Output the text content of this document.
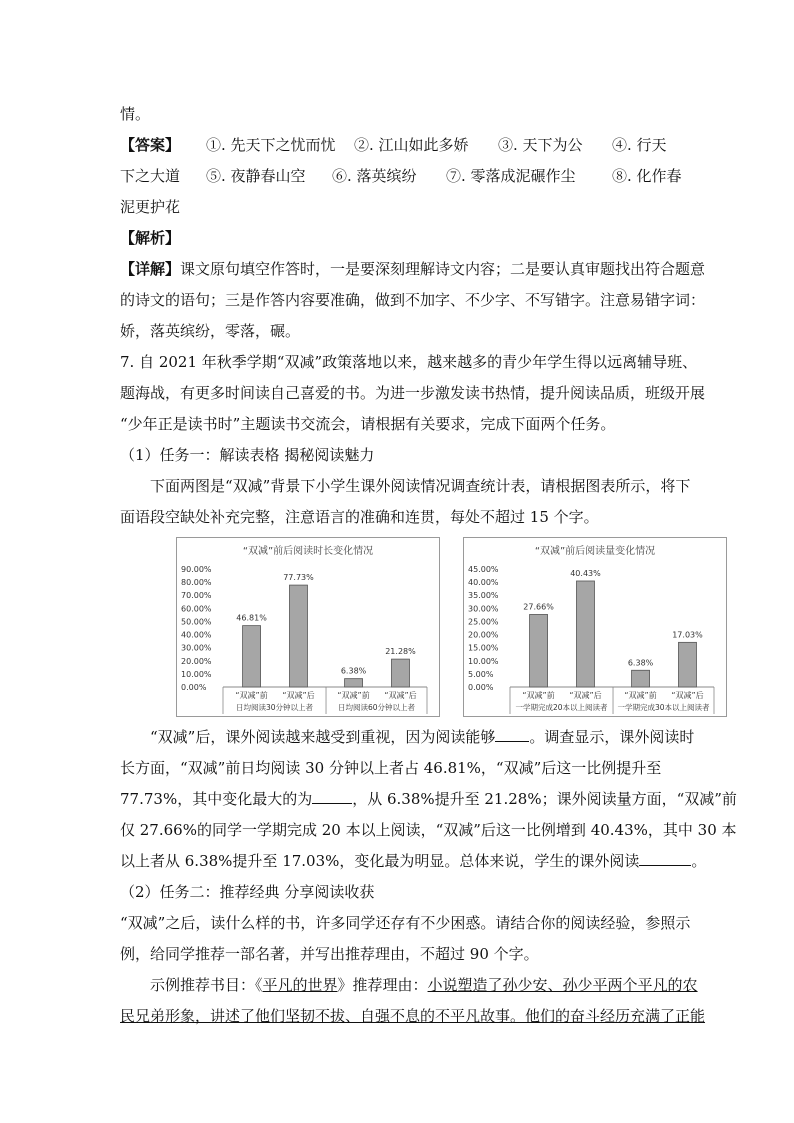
情。
【答案】 ①. 先天下之忧而忧 ②. 江山如此多娇 ③. 天下为公 ④. 行天
下之大道 ⑤. 夜静春山空 ⑥. 落英缤纷 ⑦. 零落成泥碾作尘 ⑧. 化作春
泥更护花
【解析】
【详解】课文原句填空作答时，一是要深刻理解诗文内容；二是要认真审题找出符合题意
的诗文的语句；三是作答内容要准确，做到不加字、不少字、不写错字。注意易错字词：
娇，落英缤纷，零落，碾。
7. 自 2021 年秋季学期“双减”政策落地以来，越来越多的青少年学生得以远离辅导班、
题海战，有更多时间读自己喜爱的书。为进一步激发读书热情，提升阅读品质，班级开展
“少年正是读书时”主题读书交流会，请根据有关要求，完成下面两个任务。
（1）任务一：解读表格 揭秘阅读魅力
下面两图是“双减”背景下小学生课外阅读情况调查统计表，请根据图表所示，将下
面语段空缺处补充完整，注意语言的准确和连贯，每处不超过 15 个字。
“双减”前后阅读时长变化情况
90.00%
80.00%
70.00%
60.00%
50.00%
40.00%
30.00%
20.00%
10.00%
0.00%
46.81%
“双减”前
77.73%
“双减”后
6.38%
“双减”前
21.28%
“双减”后
日均阅读30分钟以上者	日均阅读60分钟以上者
“双减”前后阅读量变化情况
45.00%
40.00%
35.00%
30.00%
25.00%
20.00%
15.00%
10.00%
5.00%
0.00%
27.66%
“双减”前
40.43%
“双减”后
6.38%
“双减”前
17.03%
“双减”后
一学期完成20本以上阅读者 一学期完成30本以上阅读者
“双减”后，课外阅读越来越受到重视，因为阅读能够 。调查显示，课外阅读时
长方面，“双减”前日均阅读 30 分钟以上者占 46.81%，“双减”后这一比例提升至
77.73%，其中变化最大的为	，从 6.38%提升至 21.28%；课外阅读量方面，“双减”前
仅 27.66%的同学一学期完成 20 本以上阅读，“双减”后这一比例增到 40.43%，其中 30 本
以上者从 6.38%提升至 17.03%，变化最为明显。总体来说，学生的课外阅读	。
（2）任务二：推荐经典 分享阅读收获
“双减”之后，读什么样的书，许多同学还存有不少困惑。请结合你的阅读经验，参照示
例，给同学推荐一部名著，并写出推荐理由，不超过 90 个字。
示例推荐书目：《平凡的世界》推荐理由：小说塑造了孙少安、孙少平两个平凡的农
民兄弟形象，讲述了他们坚韧不拔、自强不息的不平凡故事。他们的奋斗经历充满了正能
